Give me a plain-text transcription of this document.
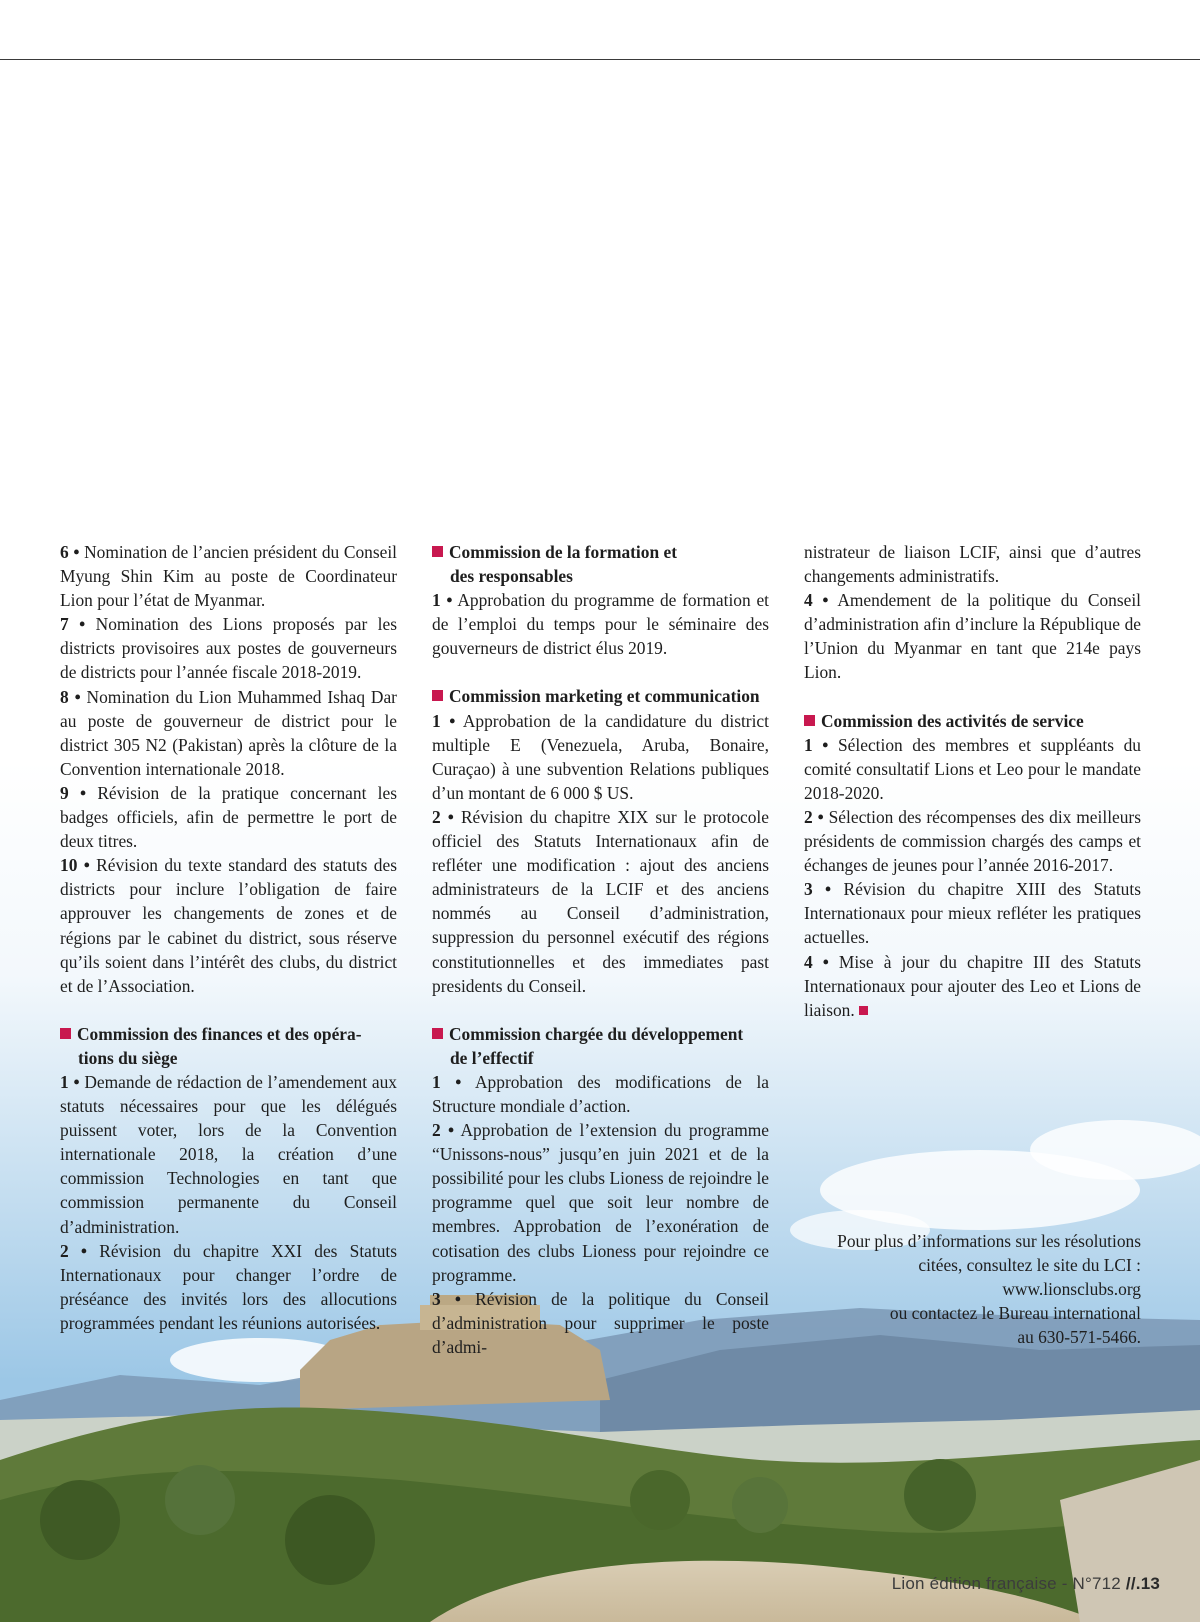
6 • Nomination de l’ancien président du Conseil Myung Shin Kim au poste de Coordinateur Lion pour l’état de Myanmar.

7 • Nomination des Lions proposés par les districts provisoires aux postes de gouverneurs de districts pour l’année fiscale 2018-2019.

8 • Nomination du Lion Muhammed Ishaq Dar au poste de gouverneur de district pour le district 305 N2 (Pakistan) après la clôture de la Convention internationale 2018.

9 • Révision de la pratique concernant les badges officiels, afin de permettre le port de deux titres.

10 • Révision du texte standard des statuts des districts pour inclure l’obligation de faire approuver les changements de zones et de régions par le cabinet du district, sous réserve qu’ils soient dans l’intérêt des clubs, du district et de l’Association.

Commission des finances et des opéra-
tions du siège

1 • Demande de rédaction de l’amendement aux statuts nécessaires pour que les délégués puissent voter, lors de la Convention internationale 2018, la création d’une commission Technologies en tant que commission permanente du Conseil d’administration.

2 • Révision du chapitre XXI des Statuts Internationaux pour changer l’ordre de préséance des invités lors des allocutions programmées pendant les réunions autorisées.

Commission de la formation et
des responsables

1 • Approbation du programme de formation et de l’emploi du temps pour le séminaire des gouverneurs de district élus 2019.

Commission marketing et communication

1 • Approbation de la candidature du district multiple E (Venezuela, Aruba, Bonaire, Curaçao) à une subvention Relations publiques d’un montant de 6 000 $ US.

2 • Révision du chapitre XIX sur le protocole officiel des Statuts Internationaux afin de refléter une modification : ajout des anciens administrateurs de la LCIF et des anciens nommés au Conseil d’administration, suppression du personnel exécutif des régions constitutionnelles et des immediates past presidents du Conseil.

Commission chargée du développement
de l’effectif

1 • Approbation des modifications de la Structure mondiale d’action.

2 • Approbation de l’extension du programme “Unissons-nous” jusqu’en juin 2021 et de la possibilité pour les clubs Lioness de rejoindre le programme quel que soit leur nombre de membres. Approbation de l’exonération de cotisation des clubs Lioness pour rejoindre ce programme.

3 • Révision de la politique du Conseil d’administration pour supprimer le poste d’admi-

nistrateur de liaison LCIF, ainsi que d’autres changements administratifs.

4 • Amendement de la politique du Conseil d’administration afin d’inclure la République de l’Union du Myanmar en tant que 214e pays Lion.

Commission des activités de service

1 • Sélection des membres et suppléants du comité consultatif Lions et Leo pour le mandate 2018-2020.

2 • Sélection des récompenses des dix meilleurs présidents de commission chargés des camps et échanges de jeunes pour l’année 2016-2017.

3 • Révision du chapitre XIII des Statuts Internationaux pour mieux refléter les pratiques actuelles.

4 • Mise à jour du chapitre III des Statuts Internationaux pour ajouter des Leo et Lions de liaison.

Pour plus d’informations sur les résolutions

citées, consultez le site du LCI :

www.lionsclubs.org

ou contactez le Bureau international

au 630-571-5466.

Lion édition française - N°712 //.13
